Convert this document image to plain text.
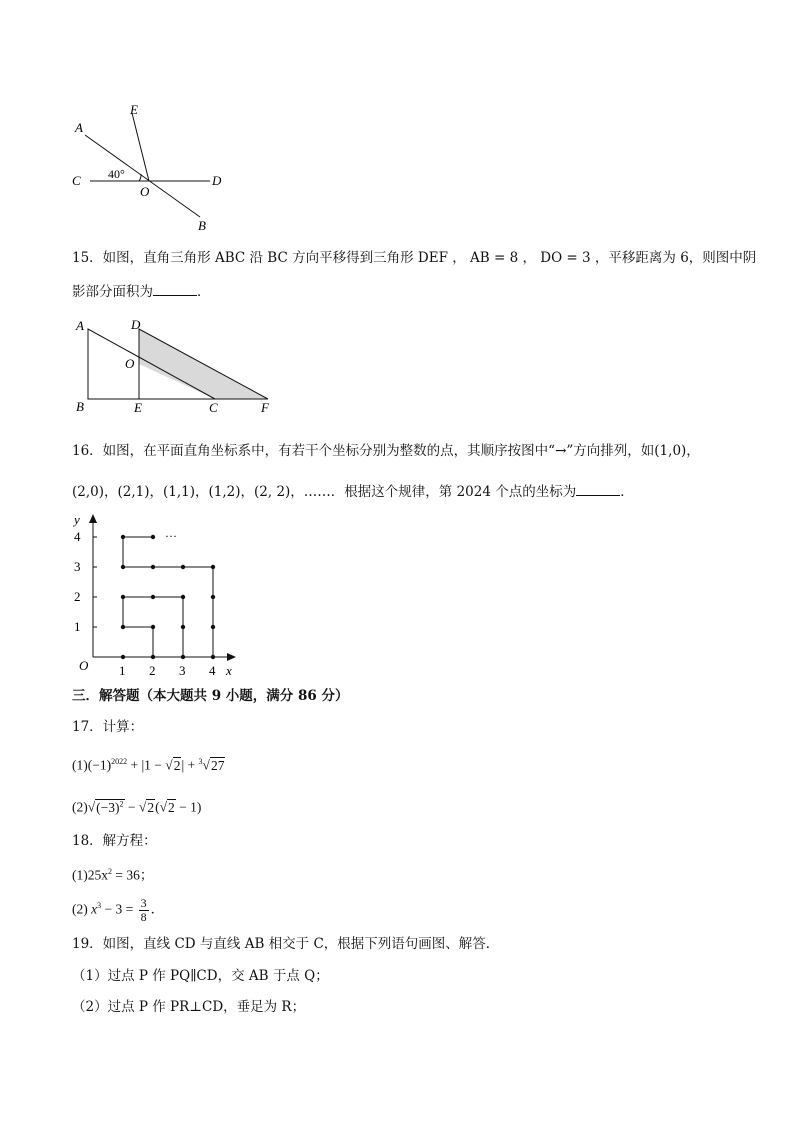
A
E
C	D
O
B
40°
15．如图，直角三角形 ABC 沿 BC 方向平移得到三角形 DEF ， AB = 8 ， DO = 3 ，平移距离为 6，则图中阴
影部分面积为	．
A	D
O
B	E	C	F
16．如图，在平面直角坐标系中，有若干个坐标分别为整数的点，其顺序按图中“→”方向排列，如(1,0)，
(2,0)，(2,1)，(1,1)，(1,2)，(2, 2)，……．根据这个规律，第 2024 个点的坐标为	．
···
y
x
O 1 2 3 4
1
2
3
4
三．解答题（本大题共 9 小题，满分 86 分）
17．计算：
$(1)(-1)^{2022} + |1 - √2| + ^3√27$
$(2)√(-3)^2 - √2(√2 - 1)$
18．解方程：
$(1)25x^2 = 36$；
(2) $x^3 - 3 = \frac{3}{8}$ ．
19．如图，直线 CD 与直线 AB 相交于 C，根据下列语句画图、解答．
（1）过点 P 作 PQ∥CD，交 AB 于点 Q；
（2）过点 P 作 PR⊥CD，垂足为 R；
